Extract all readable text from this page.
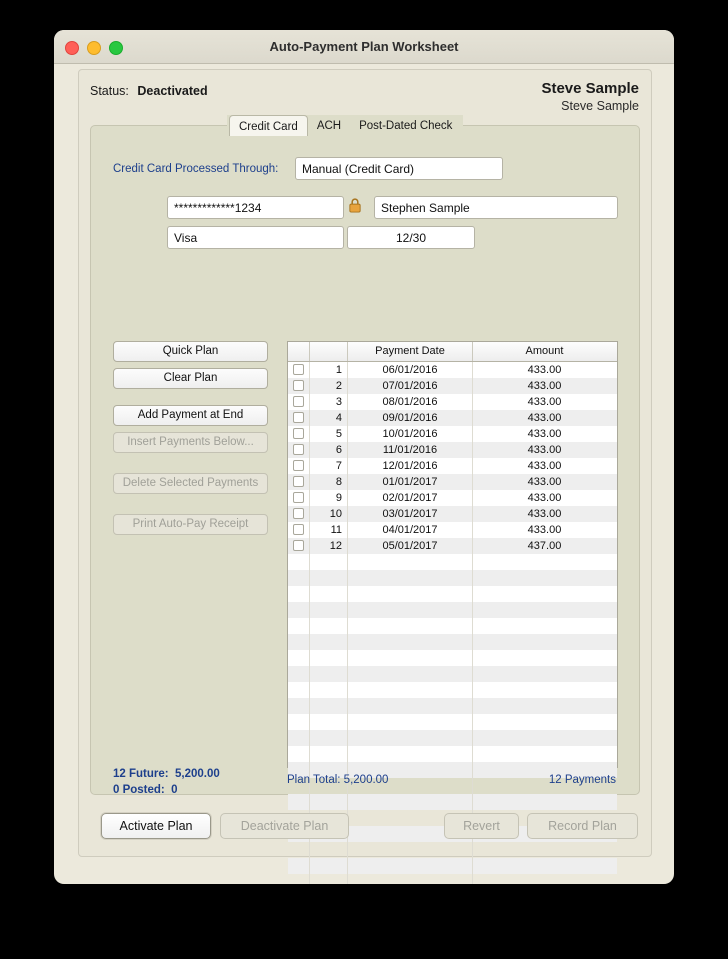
Auto-Payment Plan Worksheet
Status: Deactivated	Steve Sample
Steve Sample
Credit Card	ACH	Post-Dated Check
Credit Card Processed Through:	Manual (Credit Card)
*************1234	Stephen Sample
Visa	12/30
Quick Plan
Clear Plan
Add Payment at End
Insert Payments Below...
Delete Selected Payments
Print Auto-Pay Receipt
Payment Date	Amount
1	06/01/2016	433.00
2	07/01/2016	433.00
3	08/01/2016	433.00
4	09/01/2016	433.00
5	10/01/2016	433.00
6	11/01/2016	433.00
7	12/01/2016	433.00
8	01/01/2017	433.00
9	02/01/2017	433.00
10	03/01/2017	433.00
11	04/01/2017	433.00
12	05/01/2017	437.00
12 Future: 5,200.00
0 Posted: 0
Plan Total: 5,200.00	12 Payments
Activate Plan	Deactivate Plan	Revert	Record Plan
